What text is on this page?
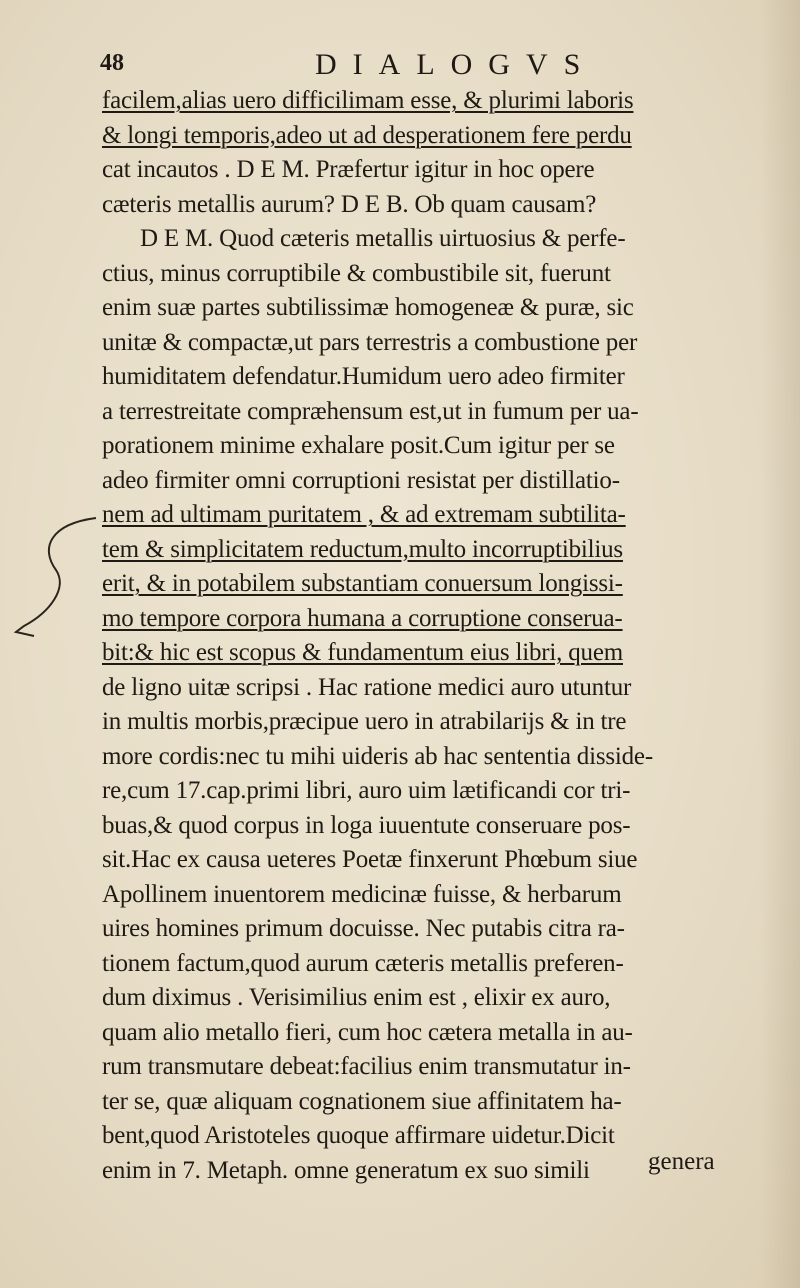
48	DIALOGVS
facilem,alias uero difficilimam esse, & plurimi laboris
& longi temporis,adeo ut ad desperationem fere perdu
cat incautos . D E M. Præfertur igitur in hoc opere
cæteris metallis aurum? D E B. Ob quam causam?
D E M. Quod cæteris metallis uirtuosius & perfe-
ctius, minus corruptibile & combustibile sit, fuerunt
enim suæ partes subtilissimæ homogeneæ & puræ, sic
unitæ & compactæ,ut pars terrestris a combustione per
humiditatem defendatur.Humidum uero adeo firmiter
a terrestreitate compræhensum est,ut in fumum per ua-
porationem minime exhalare posit.Cum igitur per se
adeo firmiter omni corruptioni resistat per distillatio-
nem ad ultimam puritatem , & ad extremam subtilita-
tem & simplicitatem reductum,multo incorruptibilius
erit, & in potabilem substantiam conuersum longissi-
mo tempore corpora humana a corruptione conserua-
bit:& hic est scopus & fundamentum eius libri, quem
de ligno uitæ scripsi . Hac ratione medici auro utuntur
in multis morbis,præcipue uero in atrabilarijs & in tre
more cordis:nec tu mihi uideris ab hac sententia disside-
re,cum 17.cap.primi libri, auro uim lætificandi cor tri-
buas,& quod corpus in loga iuuentute conseruare pos-
sit.Hac ex causa ueteres Poetæ finxerunt Phœbum siue
Apollinem inuentorem medicinæ fuisse, & herbarum
uires homines primum docuisse. Nec putabis citra ra-
tionem factum,quod aurum cæteris metallis preferen-
dum diximus . Verisimilius enim est , elixir ex auro,
quam alio metallo fieri, cum hoc cætera metalla in au-
rum transmutare debeat:facilius enim transmutatur in-
ter se, quæ aliquam cognationem siue affinitatem ha-
bent,quod Aristoteles quoque affirmare uidetur.Dicit
enim in 7. Metaph. omne generatum ex suo simili	genera
